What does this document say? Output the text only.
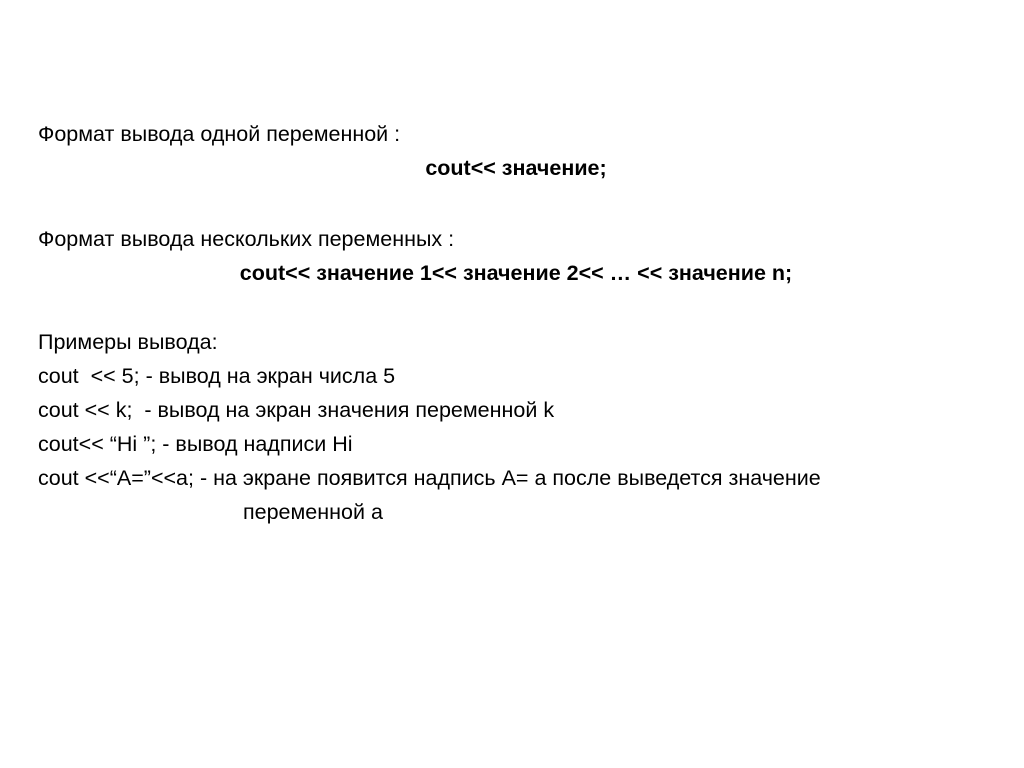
Формат вывода одной переменной :
cout<< значение;
Формат вывода нескольких переменных :
cout<< значение 1<< значение 2<< … << значение n;
Примеры вывода:
cout  << 5; - вывод на экран числа 5
cout << k;  - вывод на экран значения переменной k
cout<< “Hi ”; - вывод надписи Hi
cout <<“A=”<<a; - на экране появится надпись А= а после выведется значение
переменной а
